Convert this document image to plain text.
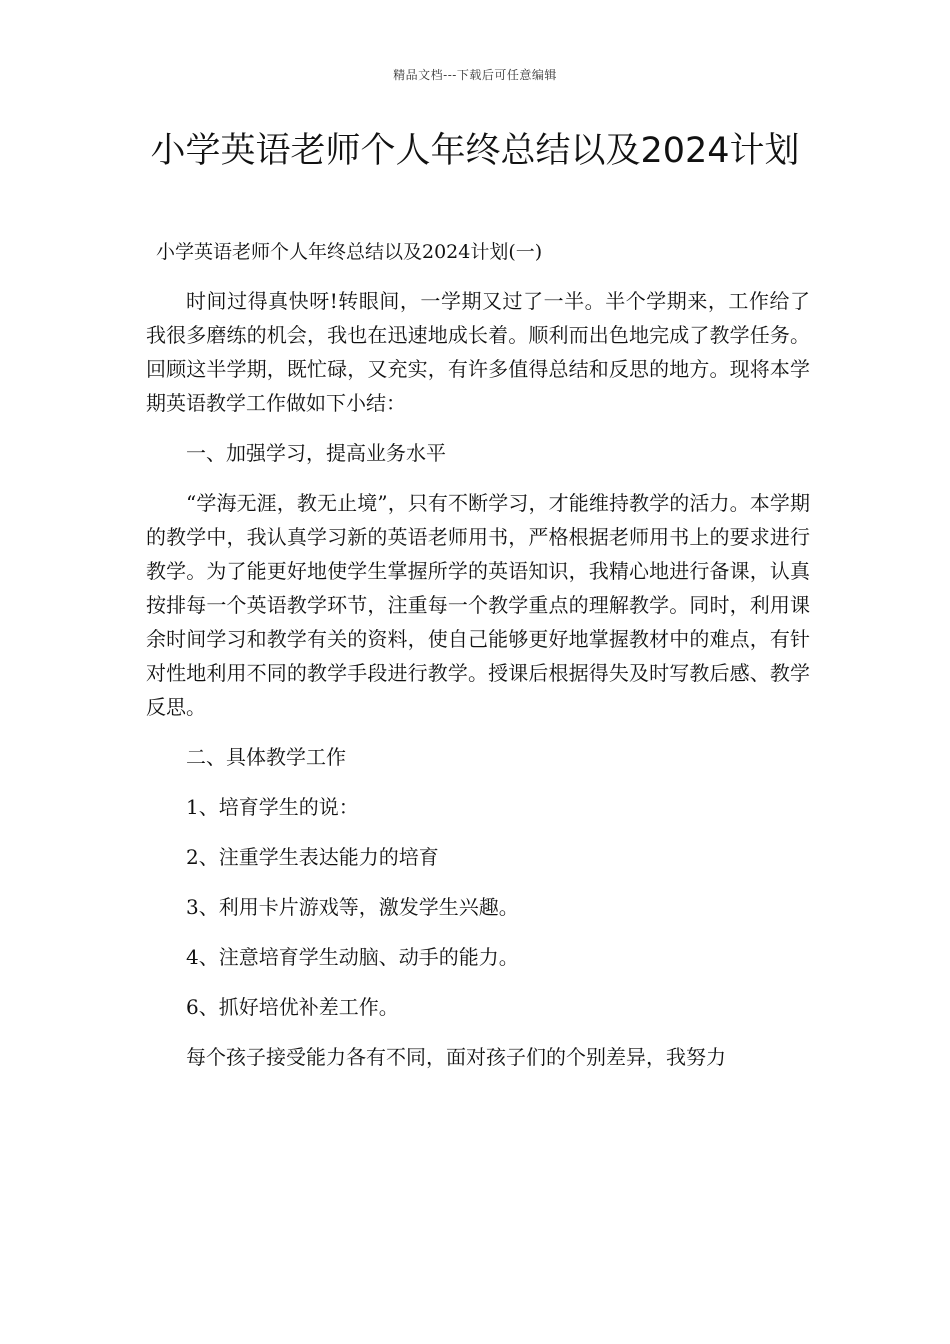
精品文档---下载后可任意编辑
小学英语老师个人年终总结以及2024计划
小学英语老师个人年终总结以及2024计划(一)

时间过得真快呀!转眼间，一学期又过了一半。半个学期来，工作给了我很多磨练的机会，我也在迅速地成长着。顺利而出色地完成了教学任务。回顾这半学期，既忙碌，又充实，有许多值得总结和反思的地方。现将本学期英语教学工作做如下小结：

一、加强学习，提高业务水平

“学海无涯，教无止境”，只有不断学习，才能维持教学的活力。本学期的教学中，我认真学习新的英语老师用书，严格根据老师用书上的要求进行教学。为了能更好地使学生掌握所学的英语知识，我精心地进行备课，认真按排每一个英语教学环节，注重每一个教学重点的理解教学。同时，利用课余时间学习和教学有关的资料，使自己能够更好地掌握教材中的难点，有针对性地利用不同的教学手段进行教学。授课后根据得失及时写教后感、教学反思。

二、具体教学工作

1、培育学生的说：

2、注重学生表达能力的培育

3、利用卡片游戏等，激发学生兴趣。

4、注意培育学生动脑、动手的能力。

6、抓好培优补差工作。

每个孩子接受能力各有不同，面对孩子们的个别差异，我努力
